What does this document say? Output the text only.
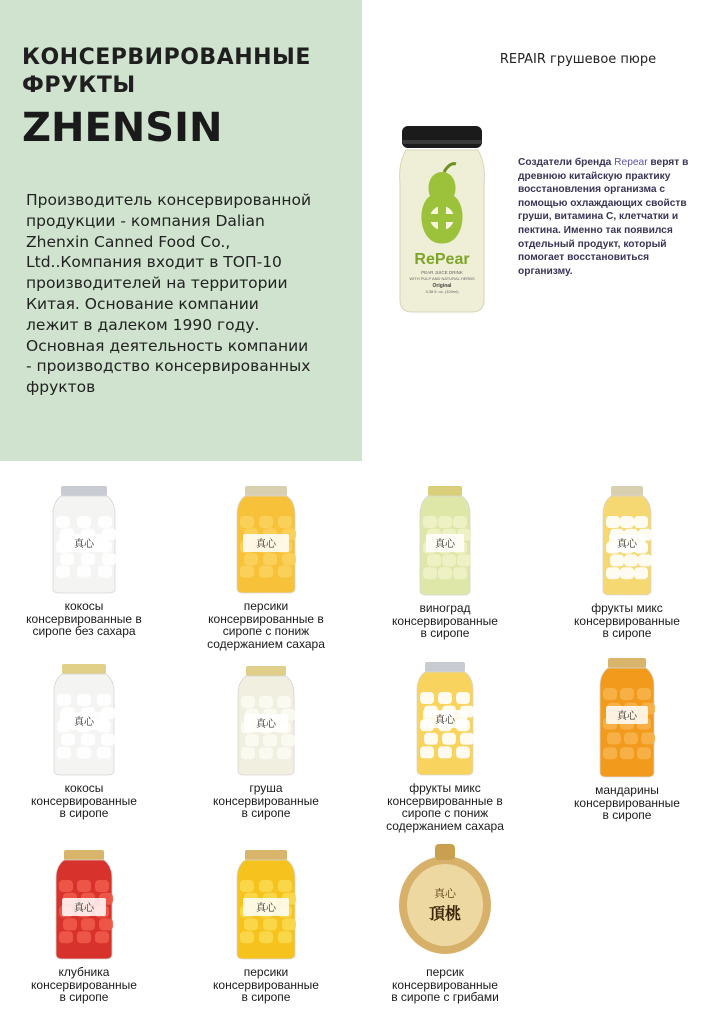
КОНСЕРВИРОВАННЫЕ
ФРУКТЫ
ZHENSIN
Производитель консервированной продукции - компания Dalian Zhenxin Canned Food Co., Ltd..Компания входит в ТОП-10 производителей на территории Китая. Основание компании лежит в далеком 1990 году. Основная деятельность компании - производство консервированных фруктов
REPAIR грушевое пюре
RePear
PEAR JUICE DRINK
WITH PULP AND NATURAL HERBS
Original
3.38 fl. oz. (100ml)
Создатели бренда Repear верят в древнюю китайскую практику восстановления организма с помощью охлаждающих свойств груши, витамина С, клетчатки и пектина. Именно так появился отдельный продукт, который помогает восстановиться организму.
真心
кокосы
консервированные в
сиропе без сахара
真心
персики
консервированные в
сиропе с пониж
содержанием сахара
真心
виноград
консервированные
в сиропе
真心
фрукты микс
консервированные
в сиропе
真心
кокосы
консервированные
в сиропе
真心
груша
консервированные
в сиропе
真心
фрукты микс
консервированные в
сиропе с пониж
содержанием сахара
真心
мандарины
консервированные
в сиропе
真心
клубника
консервированные
в сиропе
真心
персики
консервированные
в сиропе
真心
頂桃
персик
консервированные
в сиропе с грибами
